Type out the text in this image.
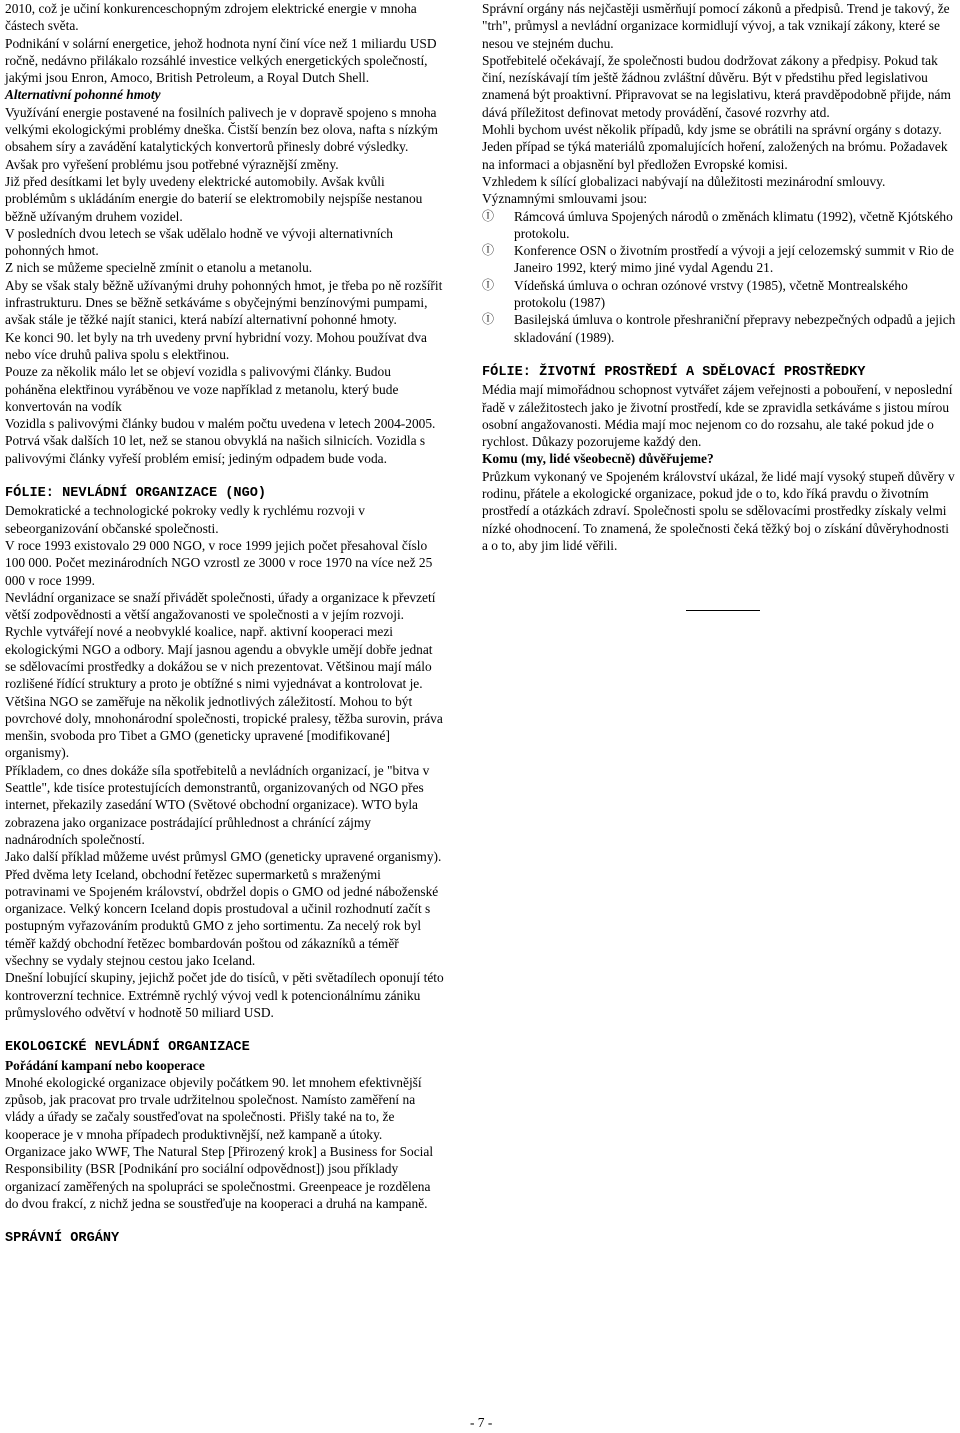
2010, což je učiní konkurenceschopným zdrojem elektrické energie v mnoha částech světa.

Podnikání v solární energetice, jehož hodnota nyní činí více než 1 miliardu USD ročně, nedávno přilákalo rozsáhlé investice velkých energetických společností, jakými jsou Enron, Amoco, British Petroleum, a Royal Dutch Shell.

Alternativní pohonné hmoty

Využívání energie postavené na fosilních palivech je v dopravě spojeno s mnoha velkými ekologickými problémy dneška. Čistší benzín bez olova, nafta s nízkým obsahem síry a zavádění katalytických konvertorů přinesly dobré výsledky.

Avšak pro vyřešení problému jsou potřebné výraznější změny.

Již před desítkami let byly uvedeny elektrické automobily. Avšak kvůli problémům s ukládáním energie do baterií se elektromobily nejspíše nestanou běžně užívaným druhem vozidel.

V posledních dvou letech se však udělalo hodně ve vývoji alternativních pohonných hmot.

Z nich se můžeme specielně zmínit o etanolu a metanolu.

Aby se však staly běžně užívanými druhy pohonných hmot, je třeba po ně rozšířit infrastrukturu. Dnes se běžně setkáváme s obyčejnými benzínovými pumpami, avšak stále je těžké najít stanici, která nabízí alternativní pohonné hmoty.

Ke konci 90. let byly na trh uvedeny první hybridní vozy. Mohou používat dva nebo více druhů paliva spolu s elektřinou.

Pouze za několik málo let se objeví vozidla s palivovými články. Budou poháněna elektřinou vyráběnou ve voze například z metanolu, který bude konvertován na vodík

Vozidla s palivovými články budou v malém počtu uvedena v letech 2004-2005. Potrvá však dalších 10 let, než se stanou obvyklá na našich silnicích. Vozidla s palivovými články vyřeší problém emisí; jediným odpadem bude voda.

FÓLIE: NEVLÁDNÍ ORGANIZACE (NGO)

Demokratické a technologické pokroky vedly k rychlému rozvoji v sebeorganizování občanské společnosti.

V roce 1993 existovalo 29 000 NGO, v roce 1999 jejich počet přesahoval číslo 100 000. Počet mezinárodních NGO vzrostl ze 3000 v roce 1970 na více než 25 000 v roce 1999.

Nevládní organizace se snaží přivádět společnosti, úřady a organizace k převzetí větší zodpovědnosti a větší angažovanosti ve společnosti a v jejím rozvoji.

Rychle vytvářejí nové a neobvyklé koalice, např. aktivní kooperaci mezi ekologickými NGO a odbory. Mají jasnou agendu a obvykle umějí dobře jednat se sdělovacími prostředky a dokážou se v nich prezentovat. Většinou mají málo rozlišené řídící struktury a proto je obtížné s nimi vyjednávat a kontrolovat je.

Většina NGO se zaměřuje na několik jednotlivých záležitostí. Mohou to být povrchové doly, mnohonárodní společnosti, tropické pralesy, těžba surovin, práva menšin, svoboda pro Tibet a GMO (geneticky upravené [modifikované] organismy).

Příkladem, co dnes dokáže síla spotřebitelů a nevládních organizací, je "bitva v Seattle", kde tisíce protestujících demonstrantů, organizovaných od NGO přes internet, překazily zasedání WTO (Světové obchodní organizace). WTO byla zobrazena jako organizace postrádající průhlednost a chránící zájmy nadnárodních společností.

Jako další příklad můžeme uvést průmysl GMO (geneticky upravené organismy). Před dvěma lety Iceland, obchodní řetězec supermarketů s mraženými potravinami ve Spojeném království, obdržel dopis o GMO od jedné náboženské organizace. Velký koncern Iceland dopis prostudoval a učinil rozhodnutí začít s postupným vyřazováním produktů GMO z jeho sortimentu. Za necelý rok byl téměř každý obchodní řetězec bombardován poštou od zákazníků a téměř všechny se vydaly stejnou cestou jako Iceland.

Dnešní lobující skupiny, jejichž počet jde do tisíců, v pěti světadílech oponují této kontroverzní technice. Extrémně rychlý vývoj vedl k potencionálnímu zániku průmyslového odvětví v hodnotě 50 miliard USD.

EKOLOGICKÉ NEVLÁDNÍ ORGANIZACE

Pořádání kampaní nebo kooperace

Mnohé ekologické organizace objevily počátkem 90. let mnohem efektivnější způsob, jak pracovat pro trvale udržitelnou společnost. Namísto zaměření na vlády a úřady se začaly soustřeďovat na společnosti. Přišly také na to, že kooperace je v mnoha případech produktivnější, než kampaně a útoky.

Organizace jako WWF, The Natural Step [Přirozený krok] a Business for Social Responsibility (BSR [Podnikání pro sociální odpovědnost]) jsou příklady organizací zaměřených na spolupráci se společnostmi. Greenpeace je rozdělena do dvou frakcí, z nichž jedna se soustřeďuje na kooperaci a druhá na kampaně.

SPRÁVNÍ ORGÁNY

Správní orgány nás nejčastěji usměrňují pomocí zákonů a předpisů. Trend je takový, že "trh", průmysl a nevládní organizace kormidlují vývoj, a tak vznikají zákony, které se nesou ve stejném duchu.

Spotřebitelé očekávají, že společnosti budou dodržovat zákony a předpisy. Pokud tak činí, nezískávají tím ještě žádnou zvláštní důvěru. Být v předstihu před legislativou znamená být proaktivní. Připravovat se na legislativu, která pravděpodobně přijde, nám dává příležitost definovat metody provádění, časové rozvrhy atd.

Mohli bychom uvést několik případů, kdy jsme se obrátili na správní orgány s dotazy.

Jeden případ se týká materiálů zpomalujících hoření, založených na brómu. Požadavek na informaci a objasnění byl předložen Evropské komisi.

Vzhledem k sílící globalizaci nabývají na důležitosti mezinárodní smlouvy.

Významnými smlouvami jsou:

Ⓘ	Rámcová úmluva Spojených národů o změnách klimatu (1992), včetně Kjótského protokolu.
Ⓘ	Konference OSN o životním prostředí a vývoji a její celozemský summit v Rio de Janeiro 1992, který mimo jiné vydal Agendu 21.
Ⓘ	Vídeňská úmluva o ochran ozónové vrstvy (1985), včetně Montrealského protokolu (1987)
Ⓘ	Basilejská úmluva o kontrole přeshraniční přepravy nebezpečných odpadů a jejich skladování (1989).

FÓLIE: ŽIVOTNÍ PROSTŘEDÍ A SDĚLOVACÍ PROSTŘEDKY

Média mají mimořádnou schopnost vytvářet zájem veřejnosti a pobouření, v neposlední řadě v záležitostech jako je životní prostředí, kde se zpravidla setkáváme s jistou mírou osobní angažovanosti. Média mají moc nejenom co do rozsahu, ale také pokud jde o rychlost. Důkazy pozorujeme každý den.

Komu (my, lidé všeobecně) důvěřujeme?

Průzkum vykonaný ve Spojeném království ukázal, že lidé mají vysoký stupeň důvěry v rodinu, přátele a ekologické organizace, pokud jde o to, kdo říká pravdu o životním prostředí a otázkách zdraví. Společnosti spolu se sdělovacími prostředky získaly velmi nízké ohodnocení. To znamená, že společnosti čeká těžký boj o získání důvěryhodnosti a o to, aby jim lidé věřili.

- 7 -
